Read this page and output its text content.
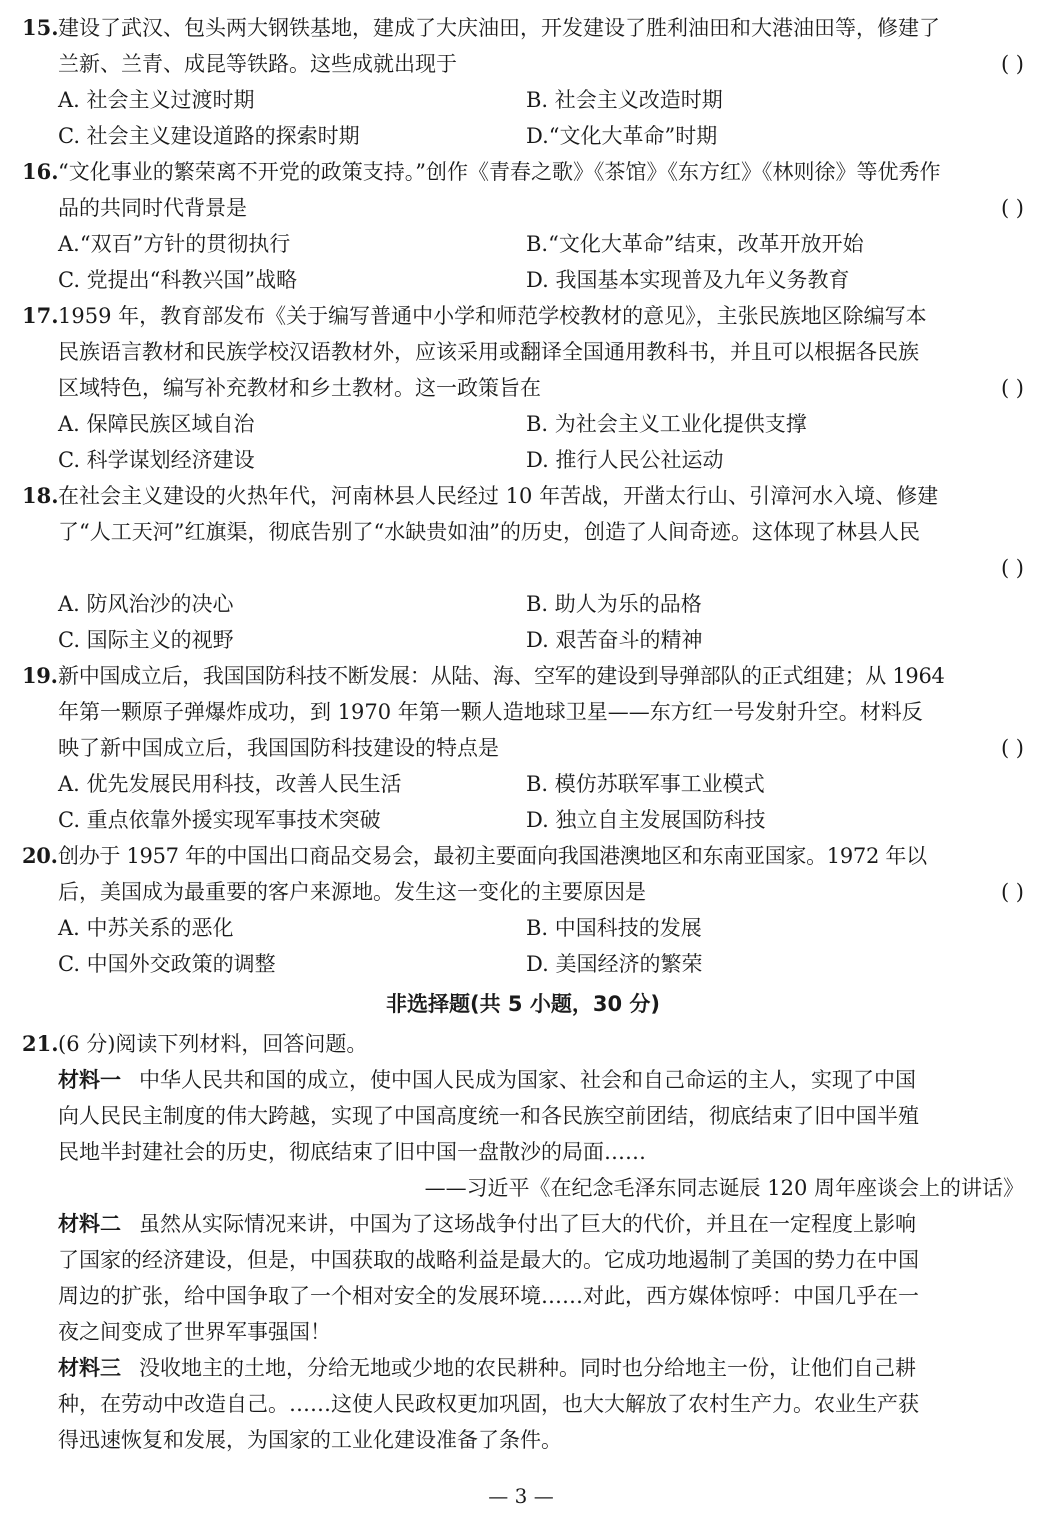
15.建设了武汉、包头两大钢铁基地，建成了大庆油田，开发建设了胜利油田和大港油田等，修建了
兰新、兰青、成昆等铁路。这些成就出现于	( )
A. 社会主义过渡时期	B. 社会主义改造时期
C. 社会主义建设道路的探索时期	D.“文化大革命”时期
16.“文化事业的繁荣离不开党的政策支持。”创作《青春之歌》《茶馆》《东方红》《林则徐》等优秀作
品的共同时代背景是	( )
A.“双百”方针的贯彻执行	B.“文化大革命”结束，改革开放开始
C. 党提出“科教兴国”战略	D. 我国基本实现普及九年义务教育
17.1959 年，教育部发布《关于编写普通中小学和师范学校教材的意见》，主张民族地区除编写本
民族语言教材和民族学校汉语教材外，应该采用或翻译全国通用教科书，并且可以根据各民族
区域特色，编写补充教材和乡土教材。这一政策旨在	( )
A. 保障民族区域自治	B. 为社会主义工业化提供支撑
C. 科学谋划经济建设	D. 推行人民公社运动
18.在社会主义建设的火热年代，河南林县人民经过 10 年苦战，开凿太行山、引漳河水入境、修建
了“人工天河”红旗渠，彻底告别了“水缺贵如油”的历史，创造了人间奇迹。这体现了林县人民
( )
A. 防风治沙的决心	B. 助人为乐的品格
C. 国际主义的视野	D. 艰苦奋斗的精神
19.新中国成立后，我国国防科技不断发展：从陆、海、空军的建设到导弹部队的正式组建；从 1964
年第一颗原子弹爆炸成功，到 1970 年第一颗人造地球卫星——东方红一号发射升空。材料反
映了新中国成立后，我国国防科技建设的特点是	( )
A. 优先发展民用科技，改善人民生活	B. 模仿苏联军事工业模式
C. 重点依靠外援实现军事技术突破	D. 独立自主发展国防科技
20.创办于 1957 年的中国出口商品交易会，最初主要面向我国港澳地区和东南亚国家。1972 年以
后，美国成为最重要的客户来源地。发生这一变化的主要原因是	( )
A. 中苏关系的恶化	B. 中国科技的发展
C. 中国外交政策的调整	D. 美国经济的繁荣
非选择题(共 5 小题，30 分)
21.(6 分)阅读下列材料，回答问题。
材料一 中华人民共和国的成立，使中国人民成为国家、社会和自己命运的主人，实现了中国
向人民民主制度的伟大跨越，实现了中国高度统一和各民族空前团结，彻底结束了旧中国半殖
民地半封建社会的历史，彻底结束了旧中国一盘散沙的局面……
——习近平《在纪念毛泽东同志诞辰 120 周年座谈会上的讲话》
材料二 虽然从实际情况来讲，中国为了这场战争付出了巨大的代价，并且在一定程度上影响
了国家的经济建设，但是，中国获取的战略利益是最大的。它成功地遏制了美国的势力在中国
周边的扩张，给中国争取了一个相对安全的发展环境……对此，西方媒体惊呼：中国几乎在一
夜之间变成了世界军事强国！
材料三 没收地主的土地，分给无地或少地的农民耕种。同时也分给地主一份，让他们自己耕
种，在劳动中改造自己。……这使人民政权更加巩固，也大大解放了农村生产力。农业生产获
得迅速恢复和发展，为国家的工业化建设准备了条件。
— 3 —
